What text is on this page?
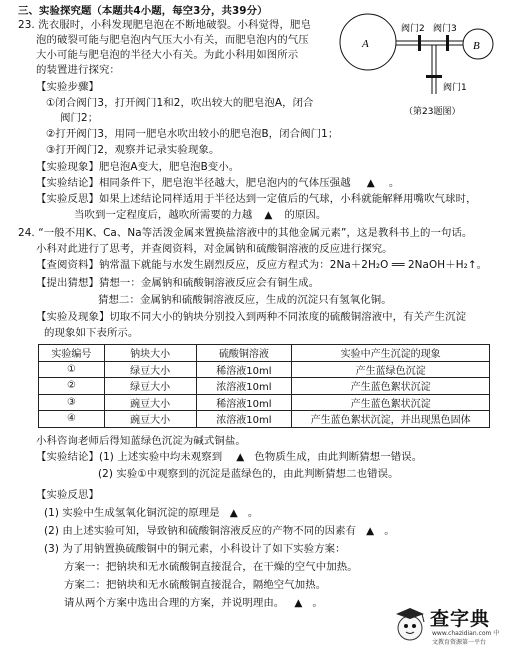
三、实验探究题（本题共4小题，每空3分，共39分）
23. 洗衣服时，小科发现肥皂泡在不断地破裂。小科觉得，肥皂
泡的破裂可能与肥皂泡内气压大小有关，而肥皂泡内的气压
大小可能与肥皂泡的半径大小有关。为此小科用如图所示
的装置进行探究：
【实验步骤】
①闭合阀门3，打开阀门1和2，吹出较大的肥皂泡A，闭合
阀门2；
②打开阀门3，用同一肥皂水吹出较小的肥皂泡B，闭合阀门1；
③打开阀门2，观察并记录实验现象。
【实验现象】肥皂泡A变大，肥皂泡B变小。
【实验结论】相同条件下，肥皂泡半径越大，肥皂泡内的气体压强越 ▲ 。
【实验反思】如果上述结论同样适用于半径达到一定值后的气球，小科就能解释用嘴吹气球时，
当吹到一定程度后，越吹所需要的力越 ▲ 的原因。
A	B
阀门2 阀门3
阀门1
（第23题图）
24. “一般不用K、Ca、Na等活泼金属来置换盐溶液中的其他金属元素”，这是教科书上的一句话。
小科对此进行了思考，并查阅资料，对金属钠和硫酸铜溶液的反应进行探究。
【查阅资料】钠常温下就能与水发生剧烈反应，反应方程式为：2Na＋2H₂O ══ 2NaOH＋H₂↑。
【提出猜想】猜想一：金属钠和硫酸铜溶液反应会有铜生成。
猜想二：金属钠和硫酸铜溶液反应，生成的沉淀只有氢氧化铜。
【实验及现象】切取不同大小的钠块分别投入到两种不同浓度的硫酸铜溶液中，有关产生沉淀
的现象如下表所示。
实验编号	钠块大小	硫酸铜溶液	实验中产生沉淀的现象
①	绿豆大小	稀溶液10ml	产生蓝绿色沉淀
②	绿豆大小	浓溶液10ml	产生蓝色絮状沉淀
③	豌豆大小	稀溶液10ml	产生蓝色絮状沉淀
④	豌豆大小	浓溶液10ml	产生蓝色絮状沉淀，并出现黑色固体
小科咨询老师后得知蓝绿色沉淀为碱式铜盐。
【实验结论】(1) 上述实验中均未观察到 ▲ 色物质生成，由此判断猜想一错误。
(2) 实验①中观察到的沉淀是蓝绿色的，由此判断猜想二也错误。
【实验反思】
(1) 实验中生成氢氧化铜沉淀的原理是 ▲ 。
(2) 由上述实验可知，导致钠和硫酸铜溶液反应的产物不同的因素有 ▲ 。
(3) 为了用钠置换硫酸铜中的铜元素，小科设计了如下实验方案：
方案一：把钠块和无水硫酸铜直接混合，在干燥的空气中加热。
方案二：把钠块和无水硫酸铜直接混合，隔绝空气加热。
请从两个方案中选出合理的方案，并说明理由。 ▲ 。
查字典
www.chazidian.com 中文教育资源第一平台
